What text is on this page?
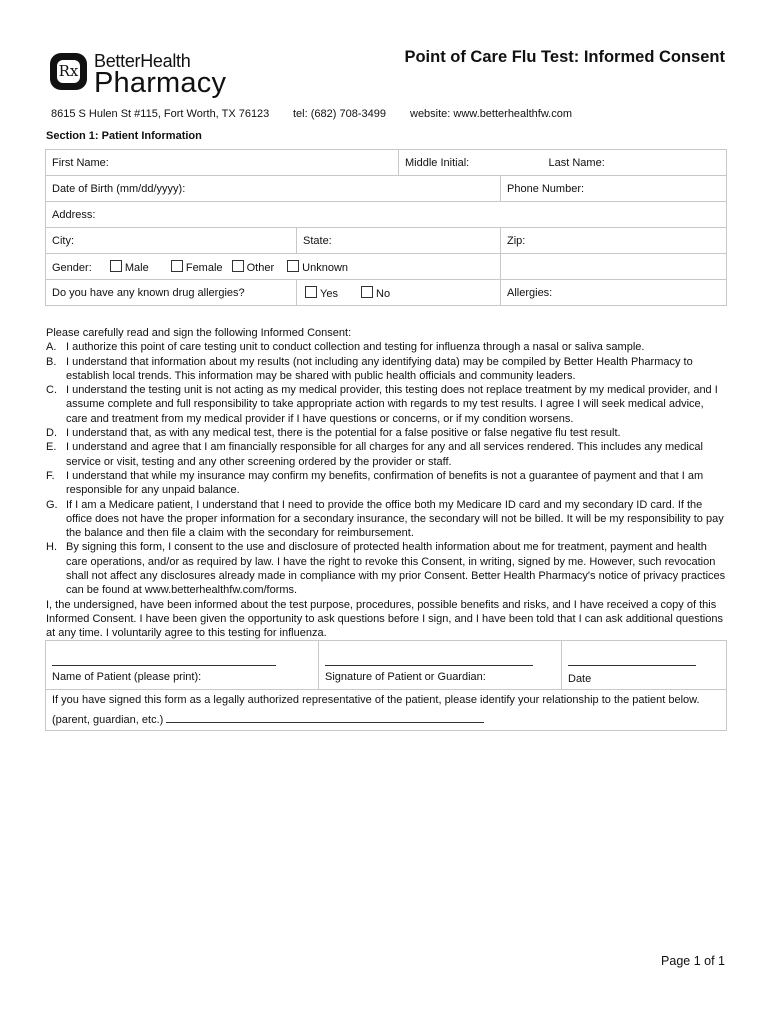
Rx BetterHealth
Pharmacy
Point of Care Flu Test: Informed Consent
8615 S Hulen St #115, Fort Worth, TX 76123 tel: (682) 708-3499 website: www.betterhealthfw.com
Section 1: Patient Information
First Name:		Middle Initial:	Last Name:
Date of Birth (mm/dd/yyyy):			Phone Number:
Address:			
City:	State:		Zip:
Gender: Male Female Other Unknown			
Do you have any known drug allergies?	Yes No		Allergies:

Please carefully read and sign the following Informed Consent:

A. I authorize this point of care testing unit to conduct collection and testing for influenza through a nasal or saliva sample.
B. I understand that information about my results (not including any identifying data) may be compiled by Better Health Pharmacy to establish local trends. This information may be shared with public health officials and community leaders.
C. I understand the testing unit is not acting as my medical provider, this testing does not replace treatment by my medical provider, and I assume complete and full responsibility to take appropriate action with regards to my test results. I agree I will seek medical advice, care and treatment from my medical provider if I have questions or concerns, or if my condition worsens.
D. I understand that, as with any medical test, there is the potential for a false positive or false negative flu test result.
E. I understand and agree that I am financially responsible for all charges for any and all services rendered. This includes any medical service or visit, testing and any other screening ordered by the provider or staff.
F. I understand that while my insurance may confirm my benefits, confirmation of benefits is not a guarantee of payment and that I am responsible for any unpaid balance.
G. If I am a Medicare patient, I understand that I need to provide the office both my Medicare ID card and my secondary ID card. If the office does not have the proper information for a secondary insurance, the secondary will not be billed. It will be my responsibility to pay the balance and then file a claim with the secondary for reimbursement.
H. By signing this form, I consent to the use and disclosure of protected health information about me for treatment, payment and health care operations, and/or as required by law. I have the right to revoke this Consent, in writing, signed by me. However, such revocation shall not affect any disclosures already made in compliance with my prior Consent. Better Health Pharmacy's notice of privacy practices can be found at www.betterhealthfw.com/forms.

I, the undersigned, have been informed about the test purpose, procedures, possible benefits and risks, and I have received a copy of this Informed Consent. I have been given the opportunity to ask questions before I sign, and I have been told that I can ask additional questions at any time. I voluntarily agree to this testing for influenza.

Name of Patient (please print):	Signature of Patient or Guardian:	Date

If you have signed this form as a legally authorized representative of the patient, please identify your relationship to the patient below.
(parent, guardian, etc.)
Page 1 of 1
